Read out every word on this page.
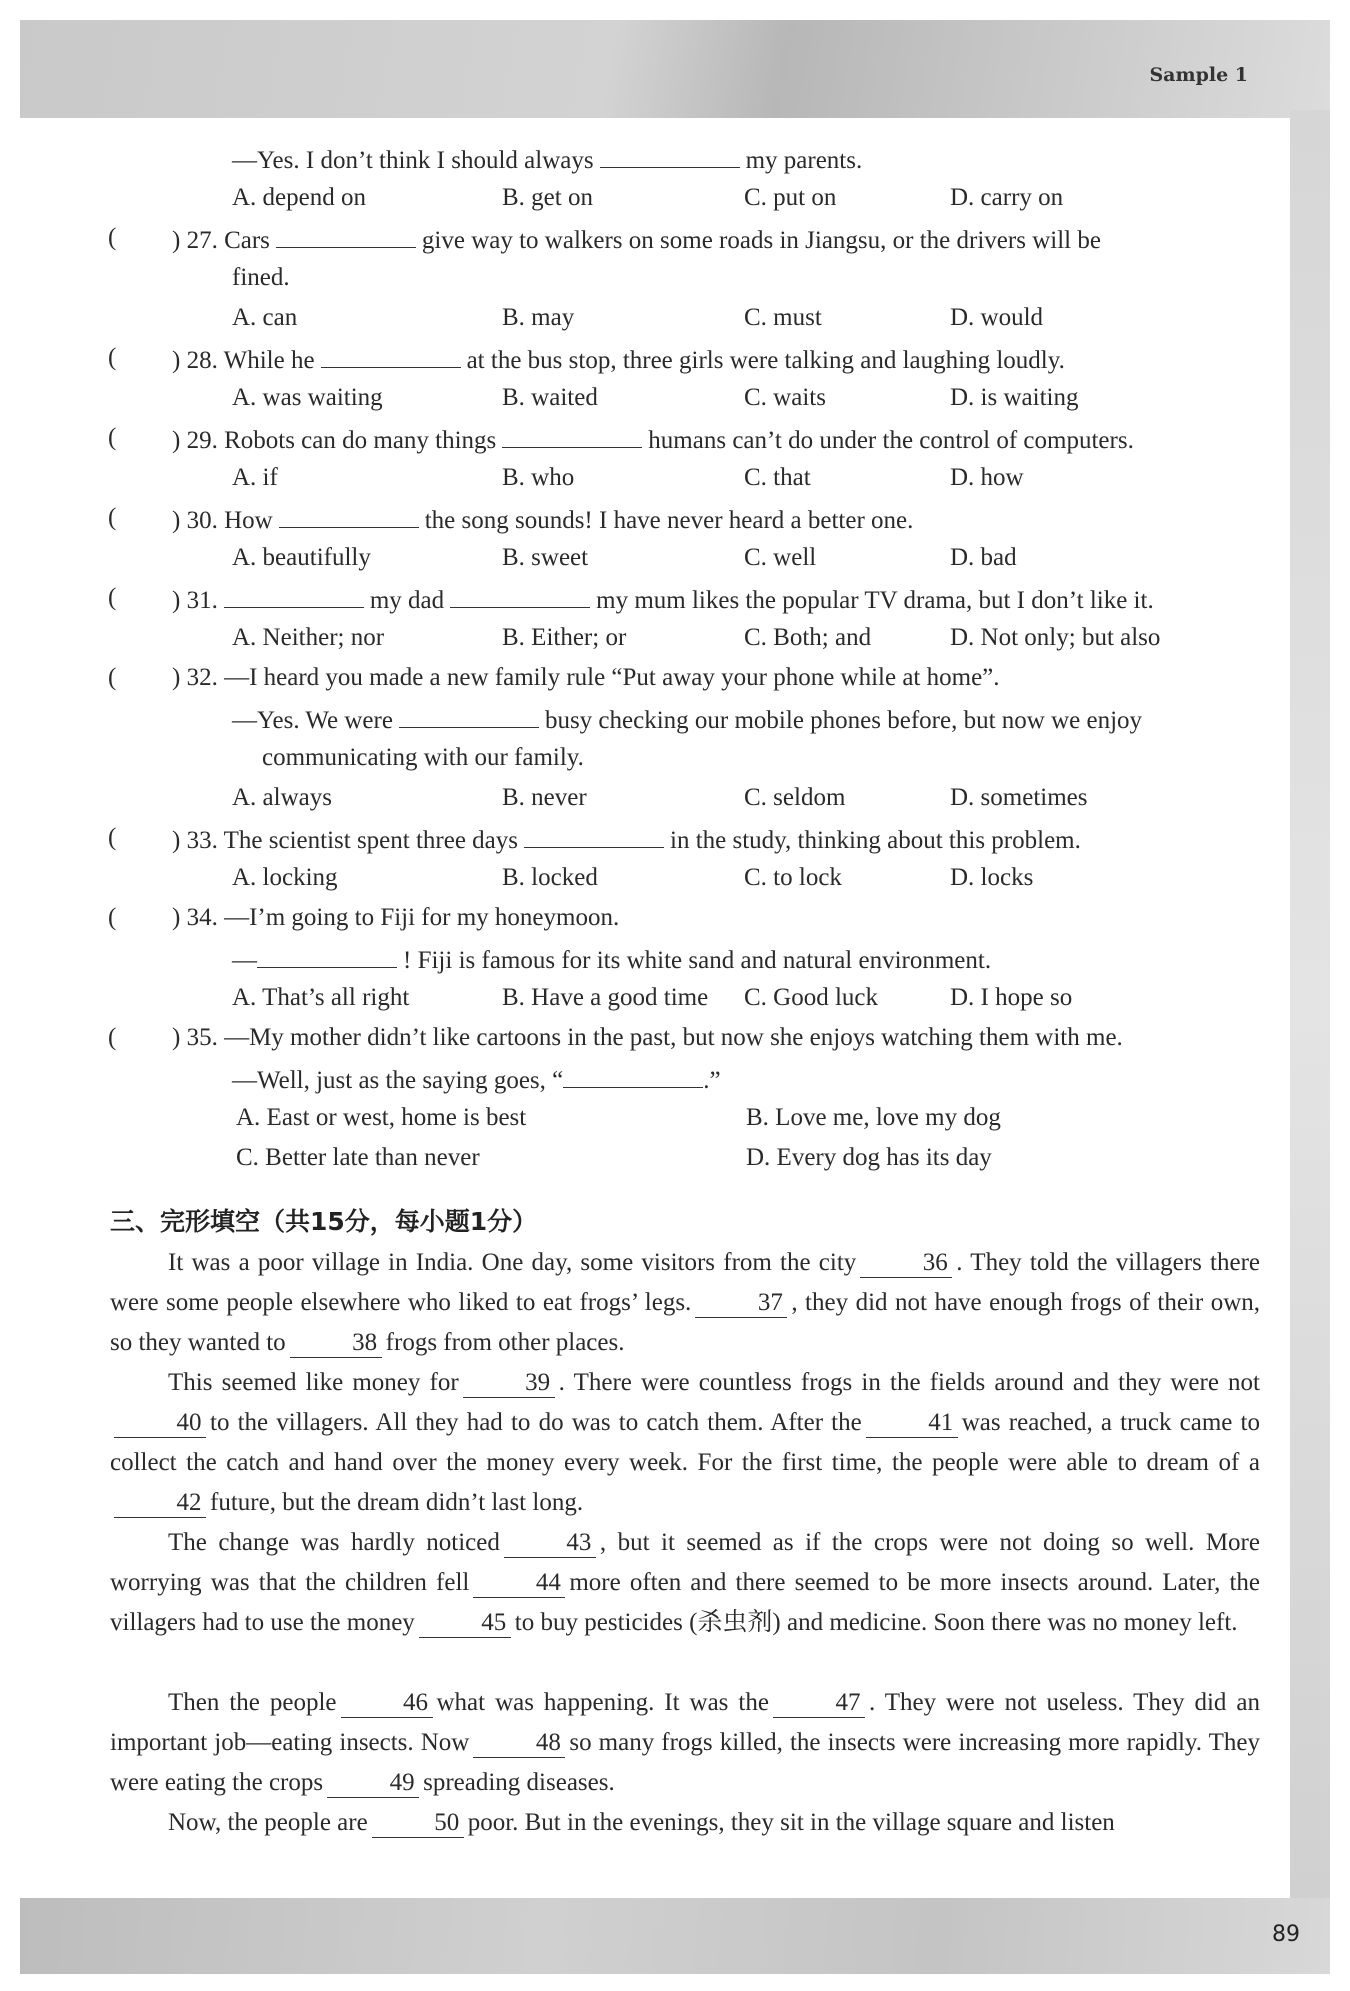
Sample 1
89
—Yes. I don’t think I should always	my parents.
A. depend on	B. get on	C. put on	D. carry on
( ) 27. Cars	give way to walkers on some roads in Jiangsu, or the drivers will be
fined.
A. can	B. may	C. must	D. would
( ) 28. While he	at the bus stop, three girls were talking and laughing loudly.
A. was waiting	B. waited	C. waits	D. is waiting
( ) 29. Robots can do many things	humans can’t do under the control of computers.
A. if	B. who	C. that	D. how
( ) 30. How	the song sounds! I have never heard a better one.
A. beautifully	B. sweet	C. well	D. bad
( ) 31.	my dad	my mum likes the popular TV drama, but I don’t like it.
A. Neither; nor	B. Either; or	C. Both; and	D. Not only; but also
( ) 32. —I heard you made a new family rule “Put away your phone while at home”.
—Yes. We were	busy checking our mobile phones before, but now we enjoy
communicating with our family.
A. always	B. never	C. seldom	D. sometimes
( ) 33. The scientist spent three days	in the study, thinking about this problem.
A. locking	B. locked	C. to lock	D. locks
( ) 34. —I’m going to Fiji for my honeymoon.
—	! Fiji is famous for its white sand and natural environment.
A. That’s all right	B. Have a good time C. Good luck	D. I hope so
( ) 35. —My mother didn’t like cartoons in the past, but now she enjoys watching them with me.
—Well, just as the saying goes, “	.”
A. East or west, home is best	B. Love me, love my dog
C. Better late than never	D. Every dog has its day
三、完形填空（共15分，每小题1分）
It was a poor village in India. One day, some visitors from the city	36 . They told the villagers there were some people elsewhere who liked to eat frogs’ legs.	37 , they did not have enough frogs of their own, so they wanted to	38 frogs from other places.
This seemed like money for	39 . There were countless frogs in the fields around and they were not40 to the villagers. All they had to do was to catch them. After the	41 was reached, a truck came to collect the catch and hand over the money every week. For the first time, the people were able to dream of a42 future, but the dream didn’t last long.
The change was hardly noticed	43 , but it seemed as if the crops were not doing so well. More worrying was that the children fell	44 more often and there seemed to be more insects around. Later, the villagers had to use the money	45 to buy pesticides (杀虫剂) and medicine. Soon there was no money left.
Then the people	46 what was happening. It was the	47 . They were not useless. They did an important job—eating insects. Now	48 so many frogs killed, the insects were increasing more rapidly. They were eating the crops	49 spreading diseases.
Now, the people are	50 poor. But in the evenings, they sit in the village square and listen
